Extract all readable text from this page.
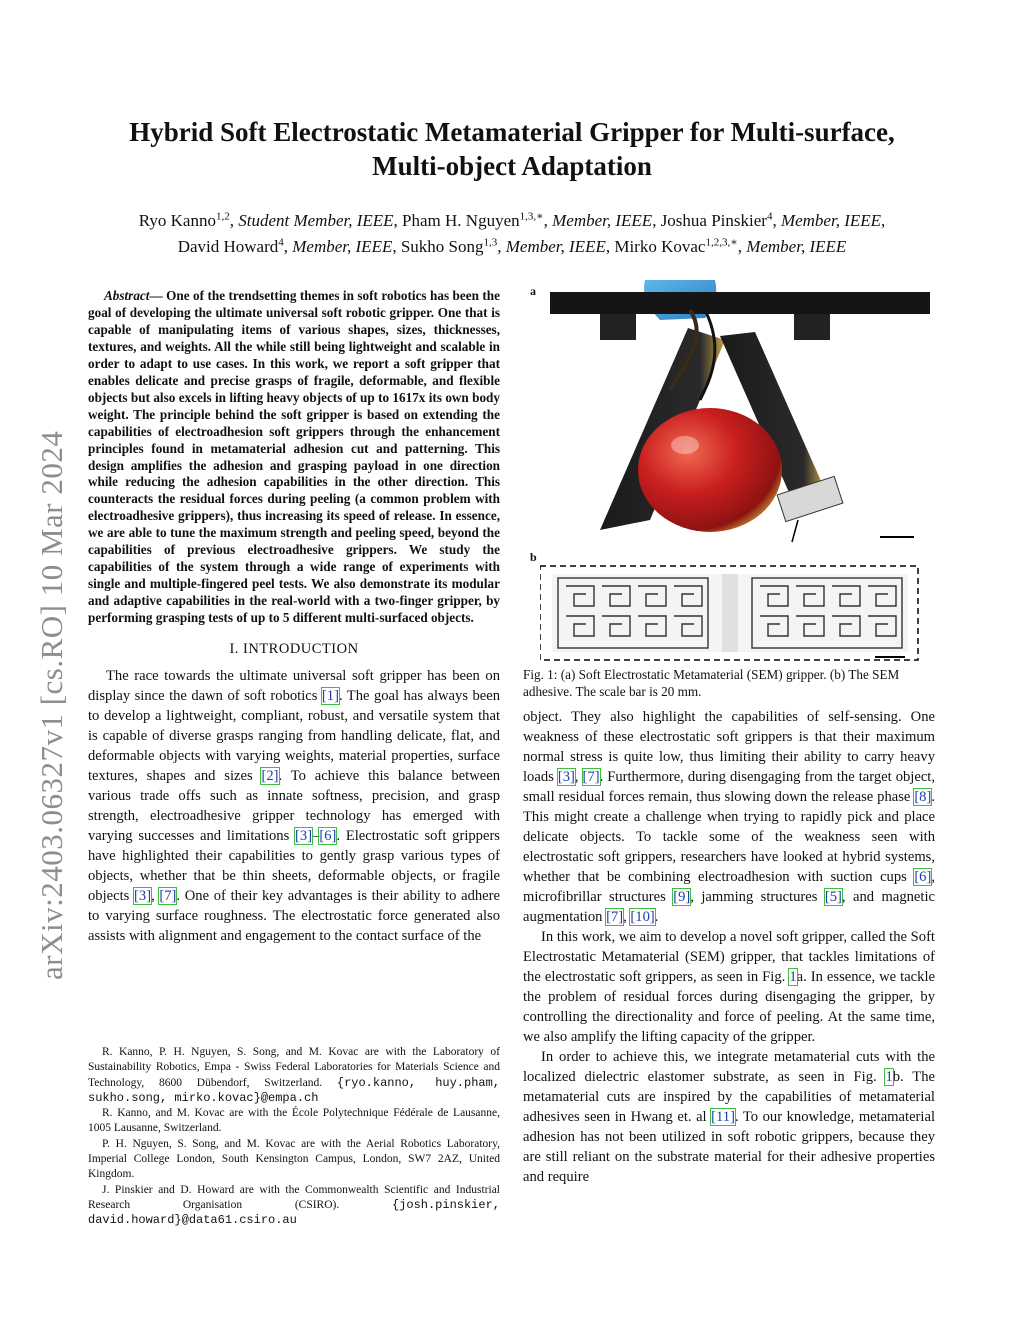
arXiv:2403.06327v1 [cs.RO] 10 Mar 2024
Hybrid Soft Electrostatic Metamaterial Gripper for Multi-surface,
Multi-object Adaptation
Ryo Kanno$^{1,2}$, Student Member, IEEE, Pham H. Nguyen$^{1,3,∗}$, Member, IEEE, Joshua Pinskier$^4$, Member, IEEE,
David Howard$^4$, Member, IEEE, Sukho Song$^{1,3}$, Member, IEEE, Mirko Kovac$^{1,2,3,∗}$, Member, IEEE

Abstract— One of the trendsetting themes in soft robotics has been the goal of developing the ultimate universal soft robotic gripper. One that is capable of manipulating items of various shapes, sizes, thicknesses, textures, and weights. All the while still being lightweight and scalable in order to adapt to use cases. In this work, we report a soft gripper that enables delicate and precise grasps of fragile, deformable, and flexible objects but also excels in lifting heavy objects of up to 1617x its own body weight. The principle behind the soft gripper is based on extending the capabilities of electroadhesion soft grippers through the enhancement principles found in metamaterial adhesion cut and patterning. This design amplifies the adhesion and grasping payload in one direction while reducing the adhesion capabilities in the other direction. This counteracts the residual forces during peeling (a common problem with electroadhesive grippers), thus increasing its speed of release. In essence, we are able to tune the maximum strength and peeling speed, beyond the capabilities of previous electroadhesive grippers. We study the capabilities of the system through a wide range of experiments with single and multiple-fingered peel tests. We also demonstrate its modular and adaptive capabilities in the real-world with a two-finger gripper, by performing grasping tests of up to 5 different multi-surfaced objects.

I. INTRODUCTION

The race towards the ultimate universal soft gripper has been on display since the dawn of soft robotics [1]. The goal has always been to develop a lightweight, compliant, robust, and versatile system that is capable of diverse grasps ranging from handling delicate, flat, and deformable objects with varying weights, material properties, surface textures, shapes and sizes [2]. To achieve this balance between various trade offs such as innate softness, precision, and grasp strength, electroadhesive gripper technology has emerged with varying successes and limitations [3]–[6]. Electrostatic soft grippers have highlighted their capabilities to gently grasp various types of objects, whether that be thin sheets, deformable objects, or fragile objects [3], [7]. One of their key advantages is their ability to adhere to varying surface roughness. The electrostatic force generated also assists with alignment and engagement to the contact surface of the

R. Kanno, P. H. Nguyen, S. Song, and M. Kovac are with the Laboratory of Sustainability Robotics, Empa - Swiss Federal Laboratories for Materials Science and Technology, 8600 Dübendorf, Switzerland. {ryo.kanno, huy.pham, sukho.song, mirko.kovac}@empa.ch

R. Kanno, and M. Kovac are with the École Polytechnique Fédérale de Lausanne, 1005 Lausanne, Switzerland.

P. H. Nguyen, S. Song, and M. Kovac are with the Aerial Robotics Laboratory, Imperial College London, South Kensington Campus, London, SW7 2AZ, United Kingdom.

J. Pinskier and D. Howard are with the Commonwealth Scientific and Industrial Research Organisation (CSIRO). {josh.pinskier, david.howard}@data61.csiro.au

a
b
Fig. 1: (a) Soft Electrostatic Metamaterial (SEM) gripper. (b) The SEM adhesive. The scale bar is 20 mm.

object. They also highlight the capabilities of self-sensing. One weakness of these electrostatic soft grippers is that their maximum normal stress is quite low, thus limiting their ability to carry heavy loads [3], [7]. Furthermore, during disengaging from the target object, small residual forces remain, thus slowing down the release phase [8]. This might create a challenge when trying to rapidly pick and place delicate objects. To tackle some of the weakness seen with electrostatic soft grippers, researchers have looked at hybrid systems, whether that be combining electroadhesion with suction cups [6], microfibrillar structures [9], jamming structures [5], and magnetic augmentation [7], [10].

In this work, we aim to develop a novel soft gripper, called the Soft Electrostatic Metamaterial (SEM) gripper, that tackles limitations of the electrostatic soft grippers, as seen in Fig. 1a. In essence, we tackle the problem of residual forces during disengaging the gripper, by controlling the directionality and force of peeling. At the same time, we also amplify the lifting capacity of the gripper.

In order to achieve this, we integrate metamaterial cuts with the localized dielectric elastomer substrate, as seen in Fig. 1b. The metamaterial cuts are inspired by the capabilities of metamaterial adhesives seen in Hwang et. al [11]. To our knowledge, metamaterial adhesion has not been utilized in soft robotic grippers, because they are still reliant on the substrate material for their adhesive properties and require
